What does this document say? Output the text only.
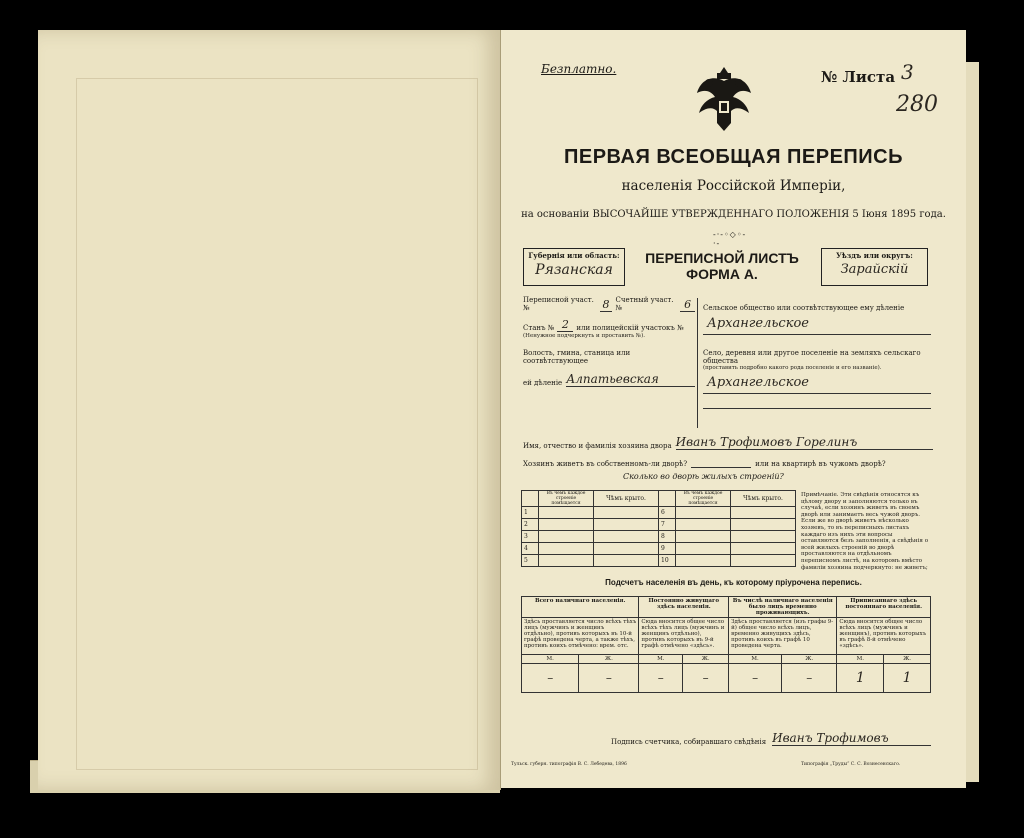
Безплатно.	№ Листа 3
280
ПЕРВАЯ ВСЕОБЩАЯ ПЕРЕПИСЬ
населенія Россійской Имперіи,
на основаніи ВЫСОЧАЙШЕ УТВЕРЖДЕННАГО ПОЛОЖЕНІЯ 5 Іюня 1895 года.
-·-◦◇◦-·-
Губернія или область:
Рязанская
ПЕРЕПИСНОЙ ЛИСТЪ
ФОРМА А.
Уѣздъ или округъ:
Зарайскій
Переписной участ. №	8 Счетный участ. №	6
Станъ № 2	или полицейскій участокъ №
(Ненужное подчеркнуть и проставить №).
Волость, гмина, станица или соотвѣтствующее
ей дѣленіе Алпатьевская
Сельское общество или соотвѣтствующее ему дѣленіе
Архангельское
Село, деревня или другое поселеніе на земляхъ сельскаго общества
(проставить подробно какого рода поселеніе и его названіе).
Архангельское
Имя, отчество и фамилія хозяина двора Иванъ Трофимовъ Горелинъ
Хозяинъ живетъ въ собственномъ-ли дворѣ?	или на квартирѣ въ чужомъ дворѣ?
Сколько во дворѣ жилыхъ строеній?
	Въ чемъ каждое строеніе помѣщается	Чѣмъ крыто.		Въ чемъ каждое строеніе помѣщается	Чѣмъ крыто.
1			6		
2			7		
3			8		
4			9		
5			10		
Примѣчаніе. Эти свѣдѣнія относятся къ цѣлому двору и заполняются только въ случаѣ, если хозяинъ живетъ въ своемъ дворѣ или занимаетъ весь чужой дворъ. Если же во дворѣ живетъ нѣсколько хозяевъ, то въ переписныхъ листахъ каждаго изъ нихъ эти вопросы оставляются безъ заполненія, а свѣдѣнія о всей жилыхъ строеній во дворѣ проставляются на отдѣльномъ переписномъ листѣ, на которомъ вмѣсто фамиліи хозяина подчеркнуто: не живетъ;
Подсчетъ населенія въ день, къ которому пріурочена перепись.
Всего наличнаго населенія.		Постоянно живущаго здѣсь населенія.		Въ числѣ наличнаго населенія было лицъ временно проживающихъ.		Приписаннаго здѣсь постояннаго населенія.	
Здѣсь проставляется число всѣхъ тѣхъ лицъ (мужчинъ и женщинъ отдѣльно), противъ которыхъ въ 10-й графѣ проведена черта, а также тѣхъ, противъ коихъ отмѣчено: врем. отс.		Сюда вносится общее число всѣхъ тѣхъ лицъ (мужчинъ и женщинъ отдѣльно), противъ которыхъ въ 9-й графѣ отмѣчено «здѣсь».		Здѣсь проставляется (изъ графы 9-й) общее число всѣхъ лицъ, временно живущихъ здѣсь, противъ коихъ въ графѣ 10 проведена черта.		Сюда вносится общее число всѣхъ лицъ (мужчинъ и женщинъ), противъ которыхъ въ графѣ 8-й отмѣчено «здѣсь».	
М.	Ж.	М.	Ж.	М.	Ж.	М.	Ж.
–	–	–	–	–	–	1	1
Подпись счетчика, собиравшаго свѣдѣнія Иванъ Трофимовъ
Тульск. губерн. типографія В. С. Лебедева, 1896	Типографія „Труды“ С. С. Вознесенскаго.
